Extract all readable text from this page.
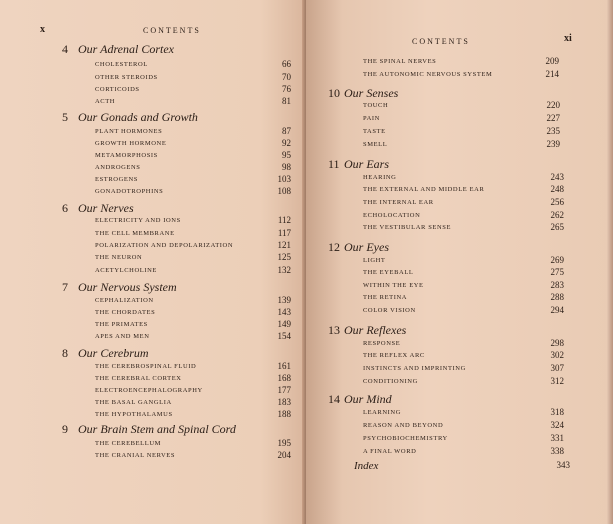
x	CONTENTS
4 Our Adrenal Cortex
CHOLESTEROL	66
OTHER STEROIDS	70
CORTICOIDS	76
ACTH	81
5 Our Gonads and Growth
PLANT HORMONES	87
GROWTH HORMONE	92
METAMORPHOSIS	95
ANDROGENS	98
ESTROGENS	103
GONADOTROPHINS	108
6 Our Nerves
ELECTRICITY AND IONS	112
THE CELL MEMBRANE	117
POLARIZATION AND DEPOLARIZATION	121
THE NEURON	125
ACETYLCHOLINE	132
7 Our Nervous System
CEPHALIZATION	139
THE CHORDATES	143
THE PRIMATES	149
APES AND MEN	154
8 Our Cerebrum
THE CEREBROSPINAL FLUID	161
THE CEREBRAL CORTEX	168
ELECTROENCEPHALOGRAPHY	177
THE BASAL GANGLIA	183
THE HYPOTHALAMUS	188
9 Our Brain Stem and Spinal Cord
THE CEREBELLUM	195
THE CRANIAL NERVES	204
CONTENTS	xi
THE SPINAL NERVES	209
THE AUTONOMIC NERVOUS SYSTEM	214
10 Our Senses
TOUCH	220
PAIN	227
TASTE	235
SMELL	239
11 Our Ears
HEARING	243
THE EXTERNAL AND MIDDLE EAR	248
THE INTERNAL EAR	256
ECHOLOCATION	262
THE VESTIBULAR SENSE	265
12 Our Eyes
LIGHT	269
THE EYEBALL	275
WITHIN THE EYE	283
THE RETINA	288
COLOR VISION	294
13 Our Reflexes
RESPONSE	298
THE REFLEX ARC	302
INSTINCTS AND IMPRINTING	307
CONDITIONING	312
14 Our Mind
LEARNING	318
REASON AND BEYOND	324
PSYCHOBIOCHEMISTRY	331
A FINAL WORD	338
Index	343
